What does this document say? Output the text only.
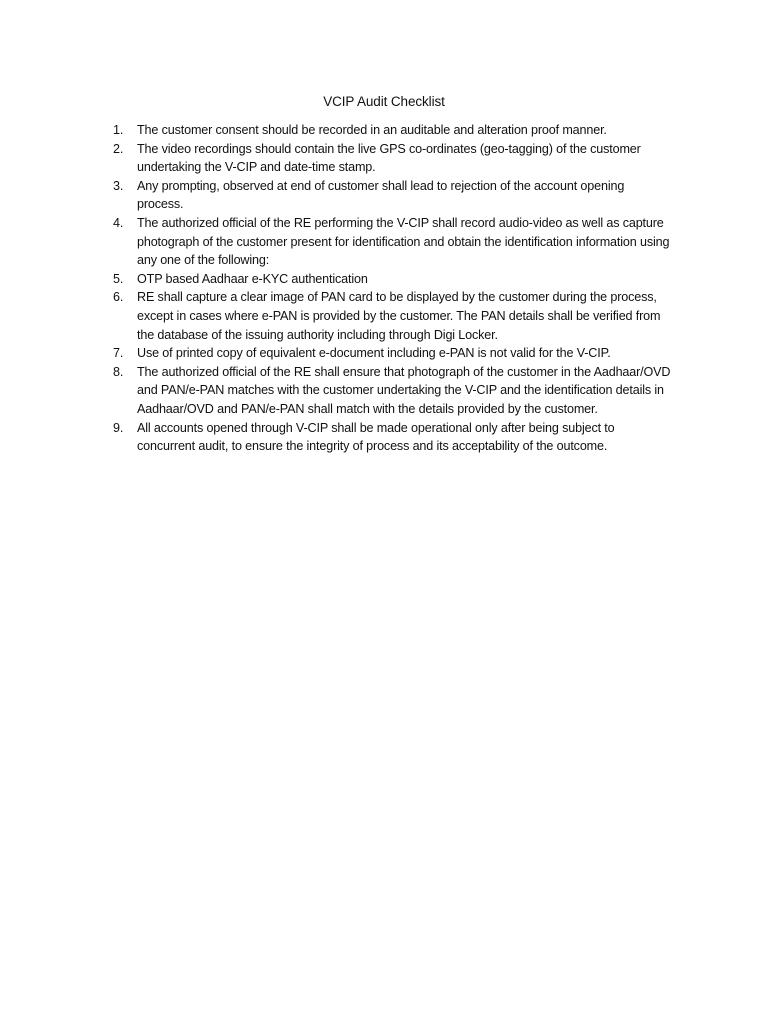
VCIP Audit Checklist
1.	The customer consent should be recorded in an auditable and alteration proof manner.
2.	The video recordings should contain the live GPS co-ordinates (geo-tagging) of the customer undertaking the V-CIP and date-time stamp.
3.	Any prompting, observed at end of customer shall lead to rejection of the account opening process.
4.	The authorized official of the RE performing the V-CIP shall record audio-video as well as capture photograph of the customer present for identification and obtain the identification information using any one of the following:
5.	OTP based Aadhaar e-KYC authentication
6.	RE shall capture a clear image of PAN card to be displayed by the customer during the process, except in cases where e-PAN is provided by the customer. The PAN details shall be verified from the database of the issuing authority including through Digi Locker.
7.	Use of printed copy of equivalent e-document including e-PAN is not valid for the V-CIP.
8.	The authorized official of the RE shall ensure that photograph of the customer in the Aadhaar/OVD and PAN/e-PAN matches with the customer undertaking the V-CIP and the identification details in Aadhaar/OVD and PAN/e-PAN shall match with the details provided by the customer.
9.	All accounts opened through V-CIP shall be made operational only after being subject to concurrent audit, to ensure the integrity of process and its acceptability of the outcome.
